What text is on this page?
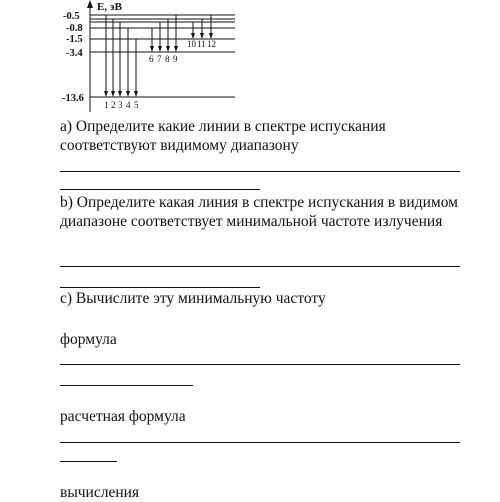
E, эВ
-0.5
-0.8
-1.5
-3.4
-13.6
1 2 3 4 5
6 7 8 9
10 11 12

а) Определите какие линии в спектре испускания соответствуют видимому диапазону

b) Определите какая линия в спектре испускания в видимом диапазоне соответствует минимальной частоте излучения

с) Вычислите эту минимальную частоту

формула

расчетная формула

вычисления
